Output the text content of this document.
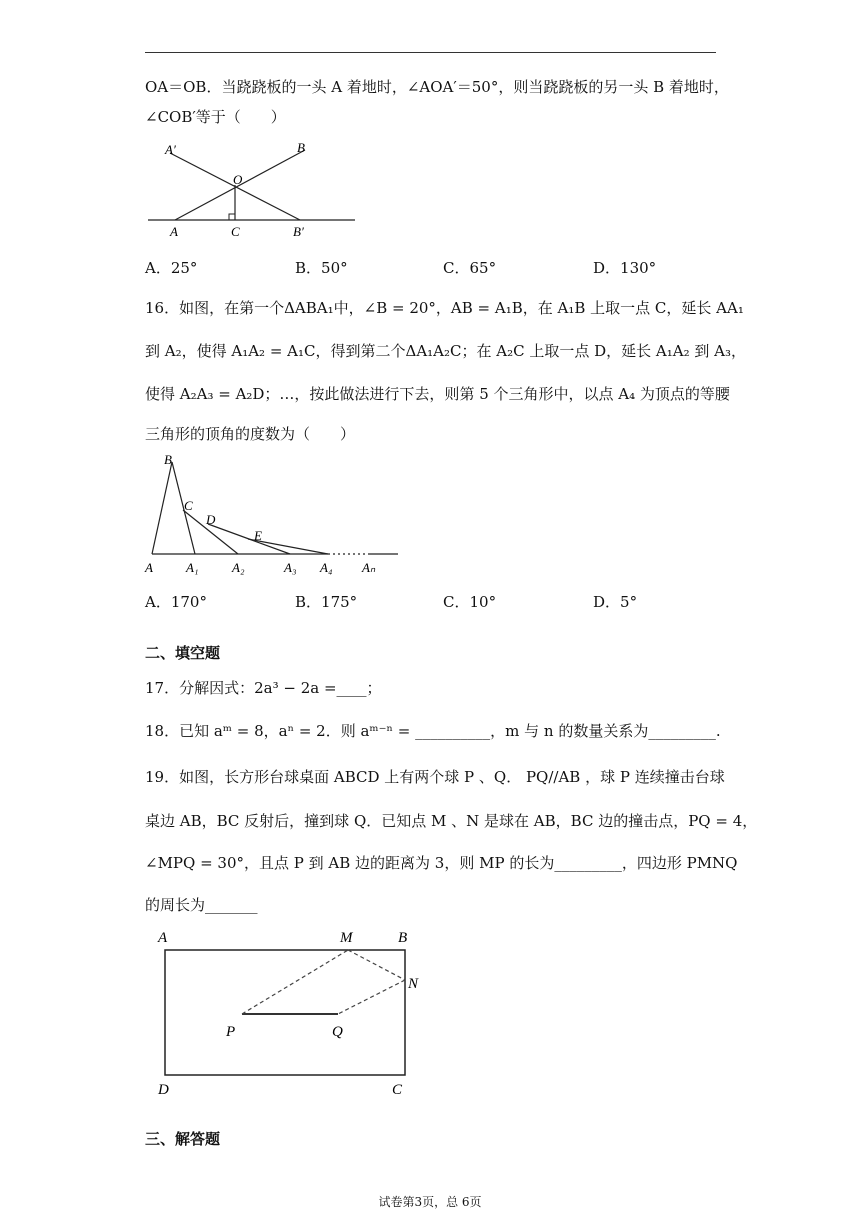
OA＝OB．当跷跷板的一头 A 着地时，∠AOA′＝50°，则当跷跷板的另一头 B 着地时，
∠COB′等于（　　）
A′	B
O
A	C	B′
A．25°	B．50°	C．65°	D．130°
16．如图，在第一个ΔABA₁中，∠B = 20°，AB = A₁B，在 A₁B 上取一点 C，延长 AA₁
到 A₂，使得 A₁A₂ = A₁C，得到第二个ΔA₁A₂C；在 A₂C 上取一点 D，延长 A₁A₂ 到 A₃，
使得 A₂A₃ = A₂D；…，按此做法进行下去，则第 5 个三角形中，以点 A₄ 为顶点的等腰
三角形的顶角的度数为（　　）
B
C
D
E
A	A₁	A₂	A₃ A₄ Aₙ
A．170°	B．175°	C．10°	D．5°
二、填空题
17．分解因式：2a³ − 2a =____；
18．已知 aᵐ = 8，aⁿ = 2．则 aᵐ⁻ⁿ = __________，m 与 n 的数量关系为_________.
19．如图，长方形台球桌面 ABCD 上有两个球 P 、Q． PQ//AB ，球 P 连续撞击台球
桌边 AB，BC 反射后，撞到球 Q．已知点 M 、N 是球在 AB，BC 边的撞击点，PQ = 4，
∠MPQ = 30°，且点 P 到 AB 边的距离为 3，则 MP 的长为_________，四边形 PMNQ
的周长为_______
A	M	B
N
P	Q
D	C
三、解答题
试卷第3页，总 6页
